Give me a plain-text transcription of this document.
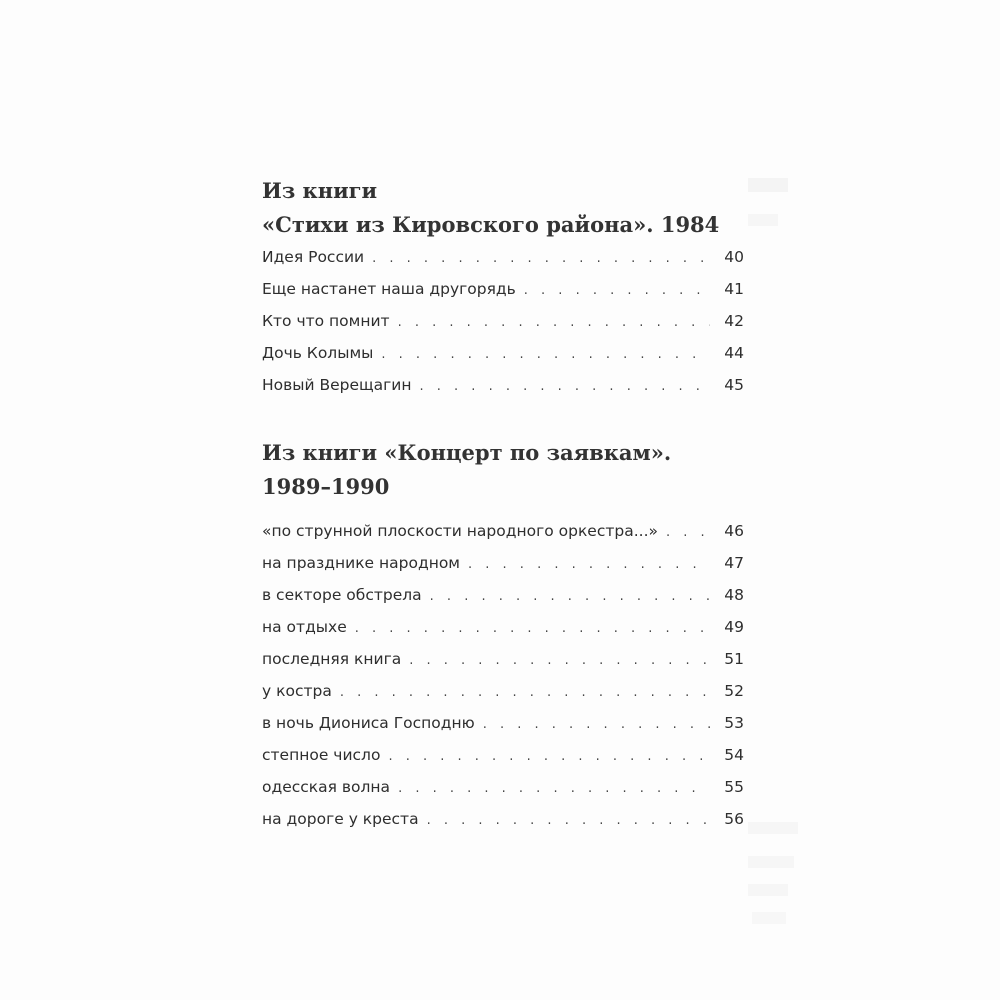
Из книги
«Стихи из Кировского района». 1984
Идея России . . .	40
Еще настанет наша другорядь . . .	41
Кто что помнит . . .	42
Дочь Колымы . . .	44
Новый Верещагин . . .	45
Из книги «Концерт по заявкам».
1989–1990
«по струнной плоскости народного оркестра...» . . .	46
на празднике народном . . .	47
в секторе обстрела . . .	48
на отдыхе . . .	49
последняя книга . . .	51
у костра . . .	52
в ночь Диониса Господню . . .	53
степное число . . .	54
одесская волна . . .	55
на дороге у креста . . .	56
